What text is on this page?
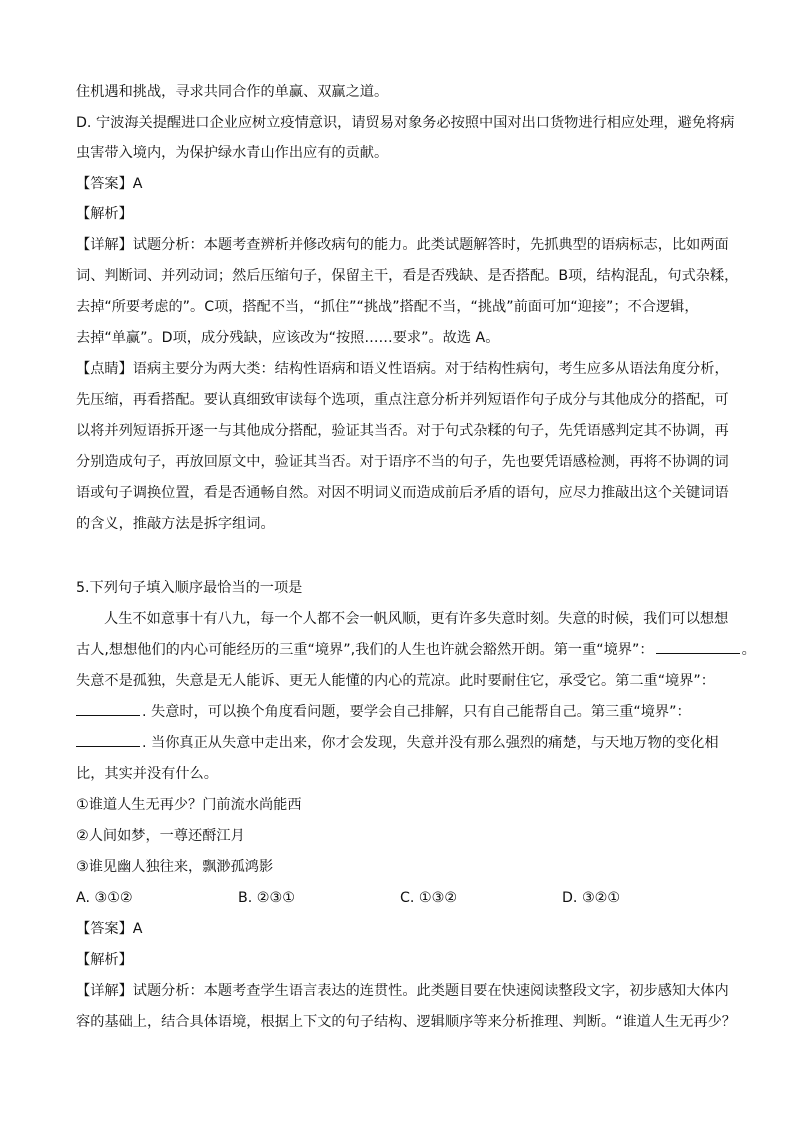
住机遇和挑战，寻求共同合作的单赢、双赢之道。
D. 宁波海关提醒进口企业应树立疫情意识，请贸易对象务必按照中国对出口货物进行相应处理，避免将病
虫害带入境内，为保护绿水青山作出应有的贡献。
【答案】A
【解析】
【详解】试题分析：本题考查辨析并修改病句的能力。此类试题解答时，先抓典型的语病标志，比如两面
词、判断词、并列动词；然后压缩句子，保留主干，看是否残缺、是否搭配。B项，结构混乱，句式杂糅，
去掉“所要考虑的”。C项，搭配不当，“抓住”“挑战”搭配不当，“挑战”前面可加“迎接”；不合逻辑，
去掉“单赢”。D项，成分残缺，应该改为“按照……要求”。故选 A。
【点睛】语病主要分为两大类：结构性语病和语义性语病。对于结构性病句，考生应多从语法角度分析，
先压缩，再看搭配。要认真细致审读每个选项，重点注意分析并列短语作句子成分与其他成分的搭配，可
以将并列短语拆开逐一与其他成分搭配，验证其当否。对于句式杂糅的句子，先凭语感判定其不协调，再
分别造成句子，再放回原文中，验证其当否。对于语序不当的句子，先也要凭语感检测，再将不协调的词
语或句子调换位置，看是否通畅自然。对因不明词义而造成前后矛盾的语句，应尽力推敲出这个关键词语
的含义，推敲方法是拆字组词。
5.下列句子填入顺序最恰当的一项是
人生不如意事十有八九，每一个人都不会一帆风顺，更有许多失意时刻。失意的时候，我们可以想想
古人,想想他们的内心可能经历的三重“境界”,我们的人生也许就会豁然开朗。第一重“境界”：	。
失意不是孤独，失意是无人能诉、更无人能懂的内心的荒凉。此时要耐住它，承受它。第二重“境界”：
. 失意时，可以换个角度看问题，要学会自己排解，只有自己能帮自己。第三重“境界”：
. 当你真正从失意中走出来，你才会发现，失意并没有那么强烈的痛楚，与天地万物的变化相
比，其实并没有什么。
①谁道人生无再少？门前流水尚能西
②人间如梦，一尊还酹江月
③谁见幽人独往来，飘渺孤鸿影
A. ③①②	B. ②③①	C. ①③②	D. ③②①
【答案】A
【解析】
【详解】试题分析：本题考查学生语言表达的连贯性。此类题目要在快速阅读整段文字，初步感知大体内
容的基础上，结合具体语境，根据上下文的句子结构、逻辑顺序等来分析推理、判断。“谁道人生无再少？
